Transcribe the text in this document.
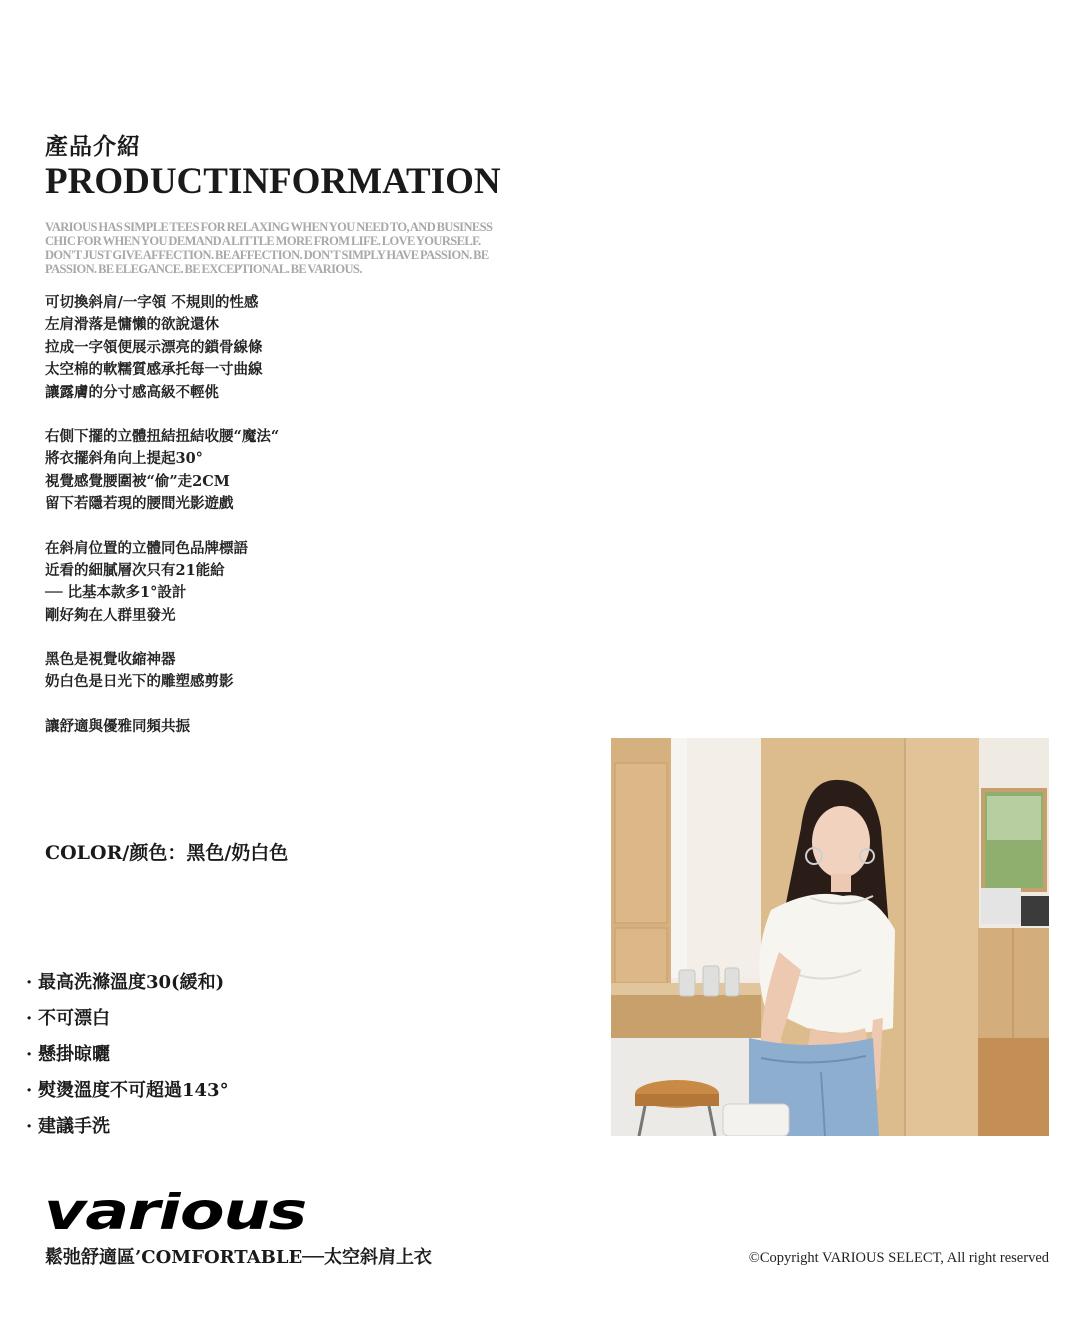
產品介紹
PRODUCTINFORMATION
VARIOUS HAS SIMPLE TEES FOR RELAXING WHEN YOU NEED TO, AND BUSINESS CHIC FOR WHEN YOU DEMAND A LITTLE MORE FROM LIFE. LOVE YOURSELF. DON'T JUST GIVE AFFECTION. BE AFFECTION. DON'T SIMPLY HAVE PASSION. BE PASSION. BE ELEGANCE. BE EXCEPTIONAL. BE VARIOUS.
可切換斜肩/一字領 不規則的性感
左肩滑落是慵懶的欲說還休
拉成一字領便展示漂亮的鎖骨線條
太空棉的軟糯質感承托每一寸曲線
讓露膚的分寸感高級不輕佻
右側下擺的立體扭結扭結收腰“魔法“
將衣擺斜角向上提起30°
視覺感覺腰圍被“偷”走2CM
留下若隱若現的腰間光影遊戲
在斜肩位置的立體同色品牌標語
近看的細膩層次只有21能給
── 比基本款多1°設計
剛好夠在人群里發光
黑色是視覺收縮神器
奶白色是日光下的雕塑感剪影
讓舒適與優雅同頻共振
COLOR/颜色：黑色/奶白色
· 最高洗滌溫度30(緩和)
· 不可漂白
· 懸掛晾曬
· 熨燙溫度不可超過143°
· 建議手洗
various
鬆弛舒適區’COMFORTABLE──太空斜肩上衣	©Copyright VARIOUS SELECT, All right reserved
